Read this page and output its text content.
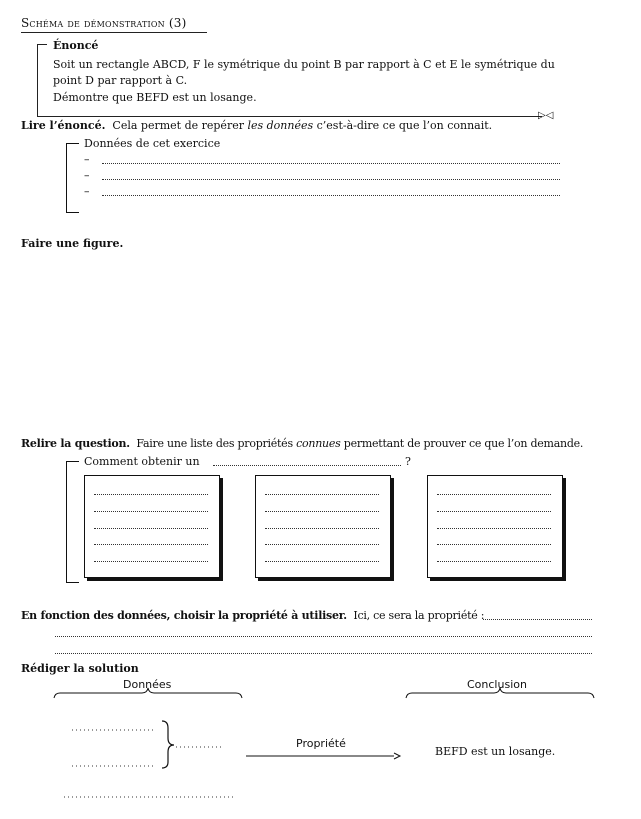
Schéma de démonstration (3)
▷◁
Énoncé
Soit un rectangle ABCD, F le symétrique du point B par rapport à C et E le symétrique du
point D par rapport à C.
Démontre que BEFD est un losange.
Lire l’énoncé. Cela permet de repérer les données c’est-à-dire ce que l’on connait.
Données de cet exercice
–
–
–
Faire une figure.
Relire la question. Faire une liste des propriétés connues permettant de prouver ce que l’on demande.
Comment obtenir un	?
En fonction des données, choisir la propriété à utiliser. Ici, ce sera la propriété :
Rédiger la solution
Données	Conclusion
Propriété
BEFD est un losange.
